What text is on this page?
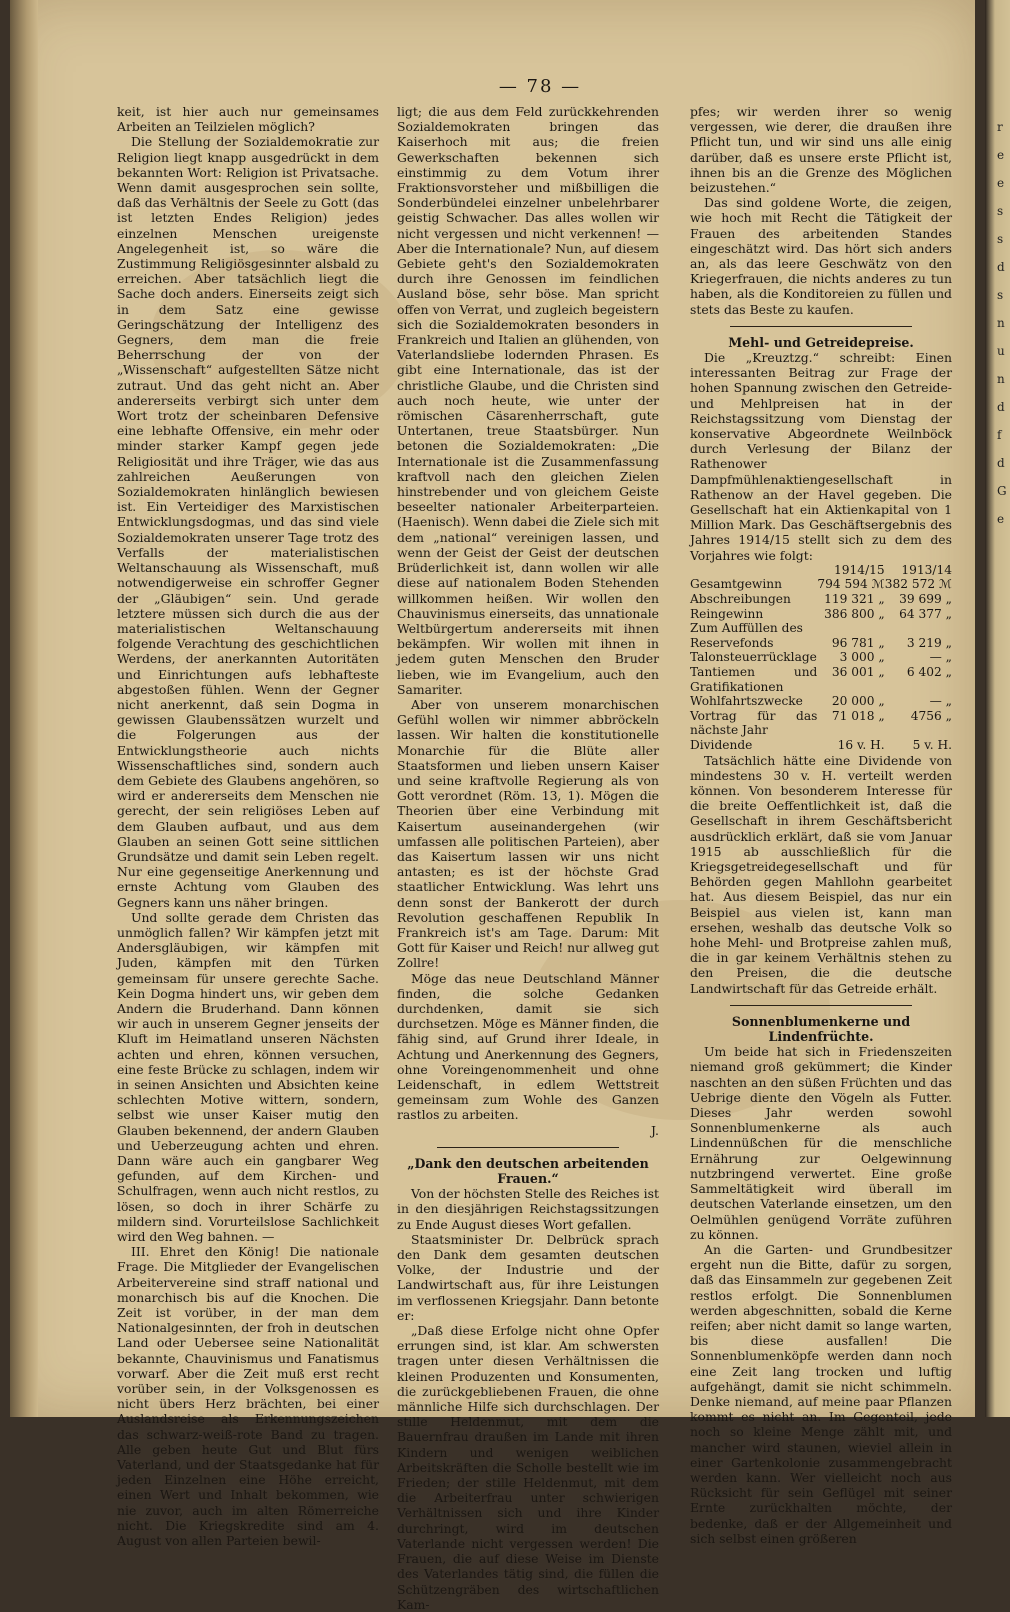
— 78 —

keit, ist hier auch nur gemeinsames Arbeiten an Teilzielen möglich?

Die Stellung der Sozialdemokratie zur Religion liegt knapp ausgedrückt in dem bekannten Wort: Religion ist Privatsache. Wenn damit ausgesprochen sein sollte, daß das Verhältnis der Seele zu Gott (das ist letzten Endes Religion) jedes einzelnen Menschen ureigenste Angelegenheit ist, so wäre die Zustimmung Religiösgesinnter alsbald zu erreichen. Aber tatsächlich liegt die Sache doch anders. Einerseits zeigt sich in dem Satz eine gewisse Geringschätzung der Intelligenz des Gegners, dem man die freie Beherrschung der von der „Wissenschaft“ aufgestellten Sätze nicht zutraut. Und das geht nicht an. Aber andererseits verbirgt sich unter dem Wort trotz der scheinbaren Defensive eine lebhafte Offensive, ein mehr oder minder starker Kampf gegen jede Religiosität und ihre Träger, wie das aus zahlreichen Aeußerungen von Sozialdemokraten hinlänglich bewiesen ist. Ein Verteidiger des Marxistischen Entwicklungsdogmas, und das sind viele Sozialdemokraten unserer Tage trotz des Verfalls der materialistischen Weltanschauung als Wissenschaft, muß notwendigerweise ein schroffer Gegner der „Gläubigen“ sein. Und gerade letztere müssen sich durch die aus der materialistischen Weltanschauung folgende Verachtung des geschichtlichen Werdens, der anerkannten Autoritäten und Einrichtungen aufs lebhafteste abgestoßen fühlen. Wenn der Gegner nicht anerkennt, daß sein Dogma in gewissen Glaubenssätzen wurzelt und die Folgerungen aus der Entwicklungstheorie auch nichts Wissenschaftliches sind, sondern auch dem Gebiete des Glaubens angehören, so wird er andererseits dem Menschen nie gerecht, der sein religiöses Leben auf dem Glauben aufbaut, und aus dem Glauben an seinen Gott seine sittlichen Grundsätze und damit sein Leben regelt. Nur eine gegenseitige Anerkennung und ernste Achtung vom Glauben des Gegners kann uns näher bringen.

Und sollte gerade dem Christen das unmöglich fallen? Wir kämpfen jetzt mit Andersgläubigen, wir kämpfen mit Juden, kämpfen mit den Türken gemeinsam für unsere gerechte Sache. Kein Dogma hindert uns, wir geben dem Andern die Bruderhand. Dann können wir auch in unserem Gegner jenseits der Kluft im Heimatland unseren Nächsten achten und ehren, können versuchen, eine feste Brücke zu schlagen, indem wir in seinen Ansichten und Absichten keine schlechten Motive wittern, sondern, selbst wie unser Kaiser mutig den Glauben bekennend, der andern Glauben und Ueberzeugung achten und ehren. Dann wäre auch ein gangbarer Weg gefunden, auf dem Kirchen- und Schulfragen, wenn auch nicht restlos, zu lösen, so doch in ihrer Schärfe zu mildern sind. Vorurteilslose Sachlichkeit wird den Weg bahnen. —

III. Ehret den König! Die nationale Frage. Die Mitglieder der Evangelischen Arbeitervereine sind straff national und monarchisch bis auf die Knochen. Die Zeit ist vorüber, in der man dem Nationalgesinnten, der froh in deutschen Land oder Ueberseе seine Nationalität bekannte, Chauvinismus und Fanatismus vorwarf. Aber die Zeit muß erst recht vorüber sein, in der Volksgenossen es nicht übers Herz brächten, bei einer Auslandsreise als Erkennungszeichen das schwarz-weiß-rote Band zu tragen. Alle geben heute Gut und Blut fürs Vaterland, und der Staatsgedanke hat für jeden Einzelnen eine Höhe erreicht, einen Wert und Inhalt bekommen, wie nie zuvor, auch im alten Römerreiche nicht. Die Kriegskredite sind am 4. August von allen Parteien bewil-

ligt; die aus dem Feld zurückkehrenden Sozialdemokraten bringen das Kaiserhoch mit aus; die freien Gewerkschaften bekennen sich einstimmig zu dem Votum ihrer Fraktionsvorsteher und mißbilligen die Sonderbündelei einzelner unbelehrbarer geistig Schwacher. Das alles wollen wir nicht vergessen und nicht verkennen! — Aber die Internationale? Nun, auf diesem Gebiete geht's den Sozialdemokraten durch ihre Genossen im feindlichen Ausland böse, sehr böse. Man spricht offen von Verrat, und zugleich begeistern sich die Sozialdemokraten besonders in Frankreich und Italien an glühenden, von Vaterlandsliebe lodernden Phrasen. Es gibt eine Internationale, das ist der christliche Glaube, und die Christen sind auch noch heute, wie unter der römischen Cäsarenherrschaft, gute Untertanen, treue Staatsbürger. Nun betonen die Sozialdemokraten: „Die Internationale ist die Zusammenfassung kraftvoll nach den gleichen Zielen hinstrebender und von gleichem Geiste beseelter nationaler Arbeiterparteien. (Haenisch). Wenn dabei die Ziele sich mit dem „national“ vereinigen lassen, und wenn der Geist der Geist der deutschen Brüderlichkeit ist, dann wollen wir alle diese auf nationalem Boden Stehenden willkommen heißen. Wir wollen den Chauvinismus einerseits, das unnationale Weltbürgertum andererseits mit ihnen bekämpfen. Wir wollen mit ihnen in jedem guten Menschen den Bruder lieben, wie im Evangelium, auch den Samariter.

Aber von unserem monarchischen Gefühl wollen wir nimmer abbröckeln lassen. Wir halten die konstitutionelle Monarchie für die Blüte aller Staatsformen und lieben unsern Kaiser und seine kraftvolle Regierung als von Gott verordnet (Röm. 13, 1). Mögen die Theorien über eine Verbindung mit Kaisertum auseinandergehen (wir umfassen alle politischen Parteien), aber das Kaisertum lassen wir uns nicht antasten; es ist der höchste Grad staatlicher Entwicklung. Was lehrt uns denn sonst der Bankerott der durch Revolution geschaffenen Republik In Frankreich ist's am Tage. Darum: Mit Gott für Kaiser und Reich! nur allweg gut Zollre!

Möge das neue Deutschland Männer finden, die solche Gedanken durchdenken, damit sie sich durchsetzen. Möge es Männer finden, die fähig sind, auf Grund ihrer Ideale, in Achtung und Anerkennung des Gegners, ohne Voreingenommenheit und ohne Leidenschaft, in edlem Wettstreit gemeinsam zum Wohle des Ganzen rastlos zu arbeiten.

J.

„Dank den deutschen arbeitenden Frauen.“

Von der höchsten Stelle des Reiches ist in den diesjährigen Reichstagssitzungen zu Ende August dieses Wort gefallen.

Staatsminister Dr. Delbrück sprach den Dank dem gesamten deutschen Volke, der Industrie und der Landwirtschaft aus, für ihre Leistungen im verflossenen Kriegsjahr. Dann betonte er:

„Daß diese Erfolge nicht ohne Opfer errungen sind, ist klar. Am schwersten tragen unter diesen Verhältnissen die kleinen Produzenten und Konsumenten, die zurückgebliebenen Frauen, die ohne männliche Hilfe sich durchschlagen. Der stille Heldenmut, mit dem die Bauernfrau draußen im Lande mit ihren Kindern und wenigen weiblichen Arbeitskräften die Scholle bestellt wie im Frieden; der stille Heldenmut, mit dem die Arbeiterfrau unter schwierigen Verhältnissen sich und ihre Kinder durchringt, wird im deutschen Vaterlande nicht vergessen werden! Die Frauen, die auf diese Weise im Dienste des Vaterlandes tätig sind, die füllen die Schützengräben des wirtschaftlichen Kam-

pfes; wir werden ihrer so wenig vergessen, wie derer, die draußen ihre Pflicht tun, und wir sind uns alle einig darüber, daß es unsere erste Pflicht ist, ihnen bis an die Grenze des Möglichen beizustehen.“

Das sind goldene Worte, die zeigen, wie hoch mit Recht die Tätigkeit der Frauen des arbeitenden Standes eingeschätzt wird. Das hört sich anders an, als das leere Geschwätz von den Kriegerfrauen, die nichts anderes zu tun haben, als die Konditoreien zu füllen und stets das Beste zu kaufen.

Mehl- und Getreidepreise.

Die „Kreuztzg.“ schreibt: Einen interessanten Beitrag zur Frage der hohen Spannung zwischen den Getreide- und Mehlpreisen hat in der Reichstagssitzung vom Dienstag der konservative Abgeordnete Weilnböck durch Verlesung der Bilanz der Rathenower Dampfmühlenaktiengesellschaft in Rathenow an der Havel gegeben. Die Gesellschaft hat ein Aktienkapital von 1 Million Mark. Das Geschäftsergebnis des Jahres 1914/15 stellt sich zu dem des Vorjahres wie folgt:

	1914/15	1913/14
Gesamtgewinn	794 594 ℳ	382 572 ℳ
Abschreibungen	119 321 „	39 699 „
Reingewinn	386 800 „	64 377 „
Zum Auffüllen des		
Reservefonds	96 781 „	3 219 „
Talonsteuerrücklage	3 000 „	— „
Tantiemen und Gratifikationen	36 001 „	6 402 „
Wohlfahrtszwecke	20 000 „	— „
Vortrag für das nächste Jahr	71 018 „	4756 „
Dividende	16 v. H.	5 v. H.

Tatsächlich hätte eine Dividende von mindestens 30 v. H. verteilt werden können. Von besonderem Interesse für die breite Oeffentlichkeit ist, daß die Gesellschaft in ihrem Geschäftsbericht ausdrücklich erklärt, daß sie vom Januar 1915 ab ausschließlich für die Kriegsgetreidegesellschaft und für Behörden gegen Mahllohn gearbeitet hat. Aus diesem Beispiel, das nur ein Beispiel aus vielen ist, kann man ersehen, weshalb das deutsche Volk so hohe Mehl- und Brotpreise zahlen muß, die in gar keinem Verhältnis stehen zu den Preisen, die die deutsche Landwirtschaft für das Getreide erhält.

Sonnenblumenkerne und Lindenfrüchte.

Um beide hat sich in Friedenszeiten niemand groß gekümmert; die Kinder naschten an den süßen Früchten und das Uebrige diente den Vögeln als Futter. Dieses Jahr werden sowohl Sonnenblumenkerne als auch Lindennüßchen für die menschliche Ernährung zur Oelgewinnung nutzbringend verwertet. Eine große Sammeltätigkeit wird überall im deutschen Vaterlande einsetzen, um den Oelmühlen genügend Vorräte zuführen zu können.

An die Garten- und Grundbesitzer ergeht nun die Bitte, dafür zu sorgen, daß das Einsammeln zur gegebenen Zeit restlos erfolgt. Die Sonnenblumen werden abgeschnitten, sobald die Kerne reifen; aber nicht damit so lange warten, bis diese ausfallen! Die Sonnenblumenköpfe werden dann noch eine Zeit lang trocken und luftig aufgehängt, damit sie nicht schimmeln. Denke niemand, auf meine paar Pflanzen kommt es nicht an. Im Gegenteil, jede noch so kleine Menge zählt mit, und mancher wird staunen, wieviel allein in einer Gartenkolonie zusammengebracht werden kann. Wer vielleicht noch aus Rücksicht für sein Geflügel mit seiner Ernte zurückhalten möchte, der bedenke, daß er der Allgemeinheit und sich selbst einen größeren

r
e
e
s
s
d
s
n
u
n
d
f
d
G
e
